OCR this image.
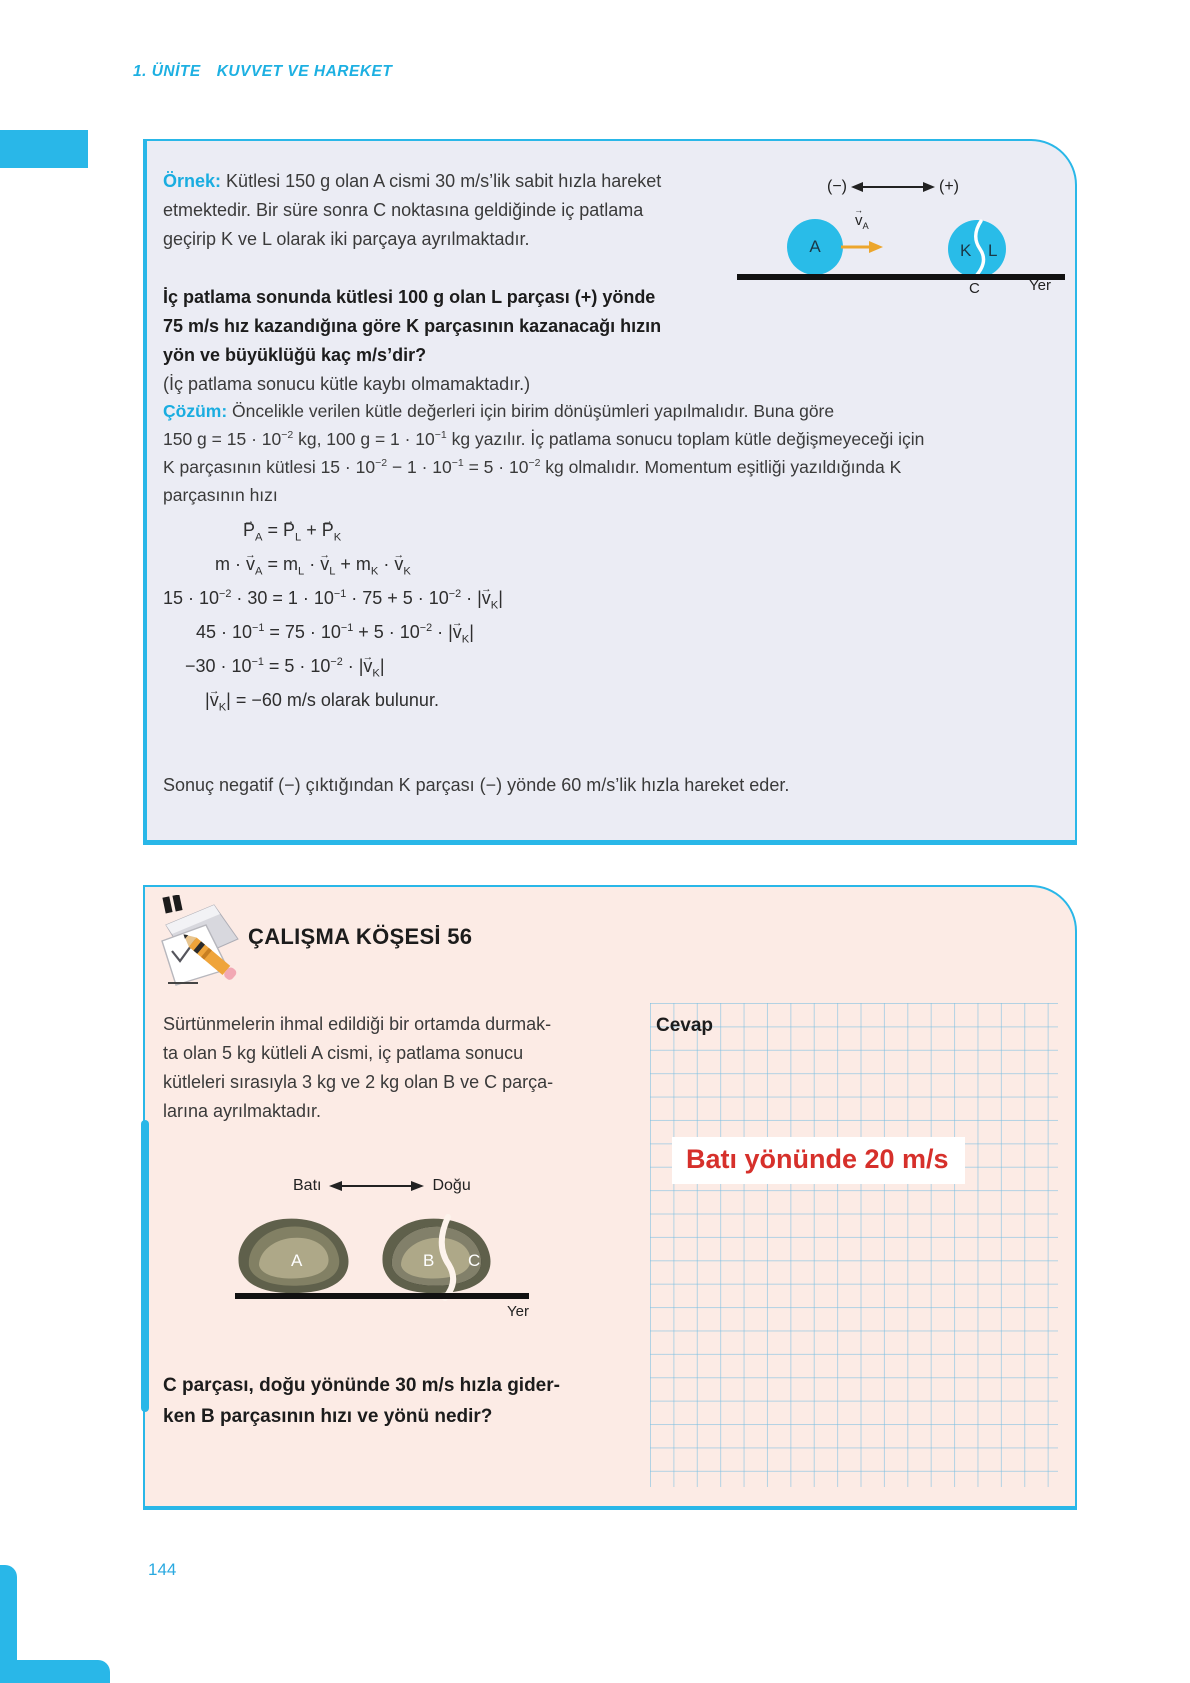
1. ÜNİTE KUVVET VE HAREKET
Örnek: Kütlesi 150 g olan A cismi 30 m/s’lik sabit hızla hareket
etmektedir. Bir süre sonra C noktasına geldiğinde iç patlama
geçirip K ve L olarak iki parçaya ayrılmaktadır.
(−)	(+)
A
→ $v_A$
K L
C	Yer
İç patlama sonunda kütlesi 100 g olan L parçası (+) yönde
75 m/s hız kazandığına göre K parçasının kazanacağı hızın
yön ve büyüklüğü kaç m/s’dir?
(İç patlama sonucu kütle kaybı olmamaktadır.)
Çözüm: Öncelikle verilen kütle değerleri için birim dönüşümleri yapılmalıdır. Buna göre
150 $g = 15 \cdot 10^{-2}$ kg, 100 $g = 1 \cdot 10^{-1}$ kg yazılır. İç patlama sonucu toplam kütle değişmeyeceği için
K parçasının kütlesi $15 \cdot 10^{-2} - 1 \cdot 10^{-1} = 5 \cdot 10^{-2}$ kg olmalıdır. Momentum eşitliği yazıldığında K
parçasının hızı
→ $P_A$ = → $P_L$ + → $P_K$
m · → $v_A = m_L$ · → $v_L + m_K$ · → $v_K$
$15 \cdot 10^{-2} \cdot 30 = 1 \cdot 10^{-1} \cdot 75 + 5 \cdot 10^{-2}$ · |→ $v_K|$
$45 \cdot 10^{-1} = 75 \cdot 10^{-1} + 5 \cdot 10^{-2}$ · |→ $v_K|$
$-30 \cdot 10^{-1} = 5 \cdot 10^{-2}$ · |→ $v_K|$
|→ $v_K| = -60$ m/s olarak bulunur.
Sonuç negatif (−) çıktığından K parçası (−) yönde 60 m/s’lik hızla hareket eder.
ÇALIŞMA KÖŞESİ 56
Sürtünmelerin ihmal edildiği bir ortamda durmak-
ta olan 5 kg kütleli A cismi, iç patlama sonucu
kütleleri sırasıyla 3 kg ve 2 kg olan B ve C parça-
larına ayrılmaktadır.
Batı	Doğu
A	B C
Yer
C parçası, doğu yönünde 30 m/s hızla gider-
ken B parçasının hızı ve yönü nedir?
Cevap
Batı yönünde 20 m/s
144
